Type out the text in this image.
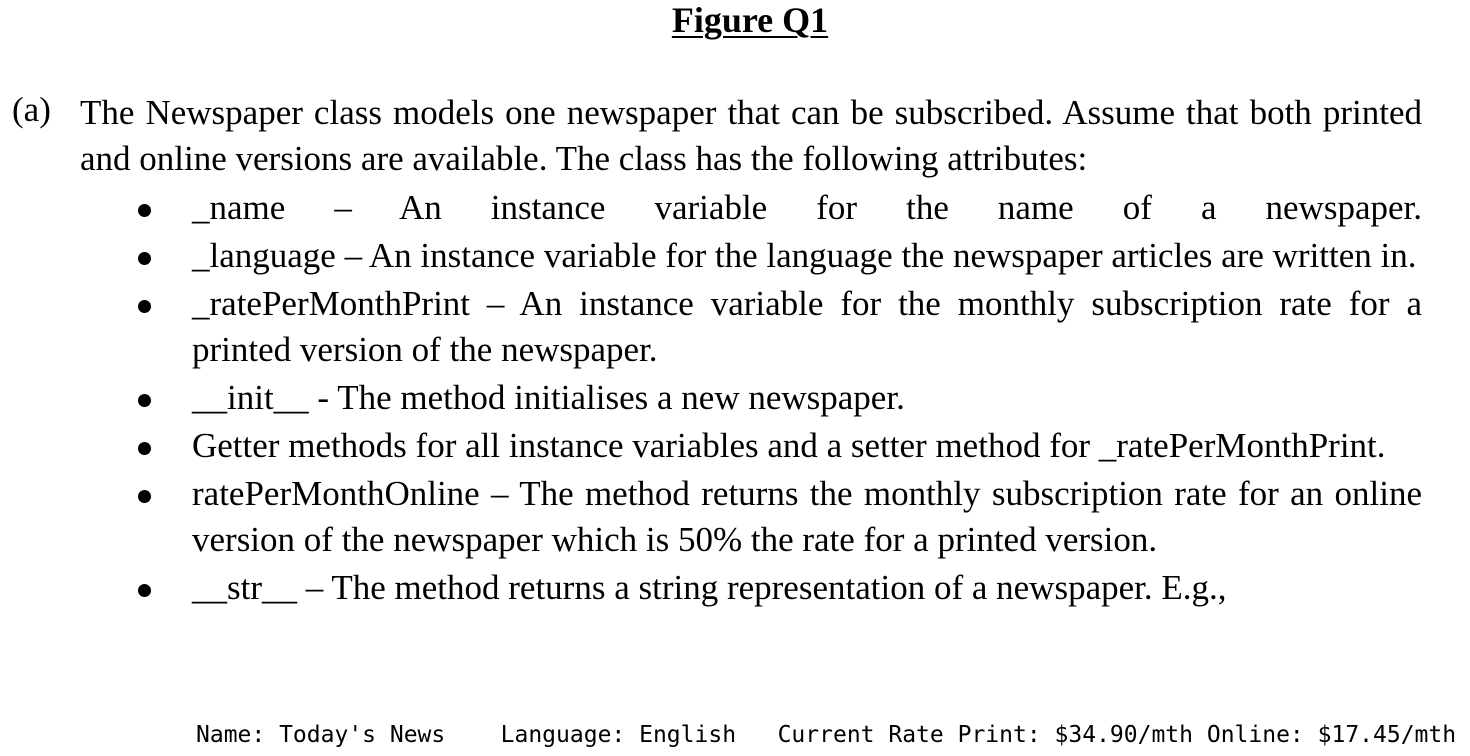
Figure Q1
(a) The Newspaper class models one newspaper that can be subscribed. Assume that both printed and online versions are available. The class has the following attributes:
_name – An instance variable for the name of a newspaper.
_language – An instance variable for the language the newspaper articles are written in.
_ratePerMonthPrint – An instance variable for the monthly subscription rate for a printed version of the newspaper.
__init__ - The method initialises a new newspaper.
Getter methods for all instance variables and a setter method for _ratePerMonthPrint.
ratePerMonthOnline – The method returns the monthly subscription rate for an online version of the newspaper which is 50% the rate for a printed version.
__str__ – The method returns a string representation of a newspaper. E.g.,
Name: Today's News    Language: English   Current Rate Print: $34.90/mth Online: $17.45/mth
